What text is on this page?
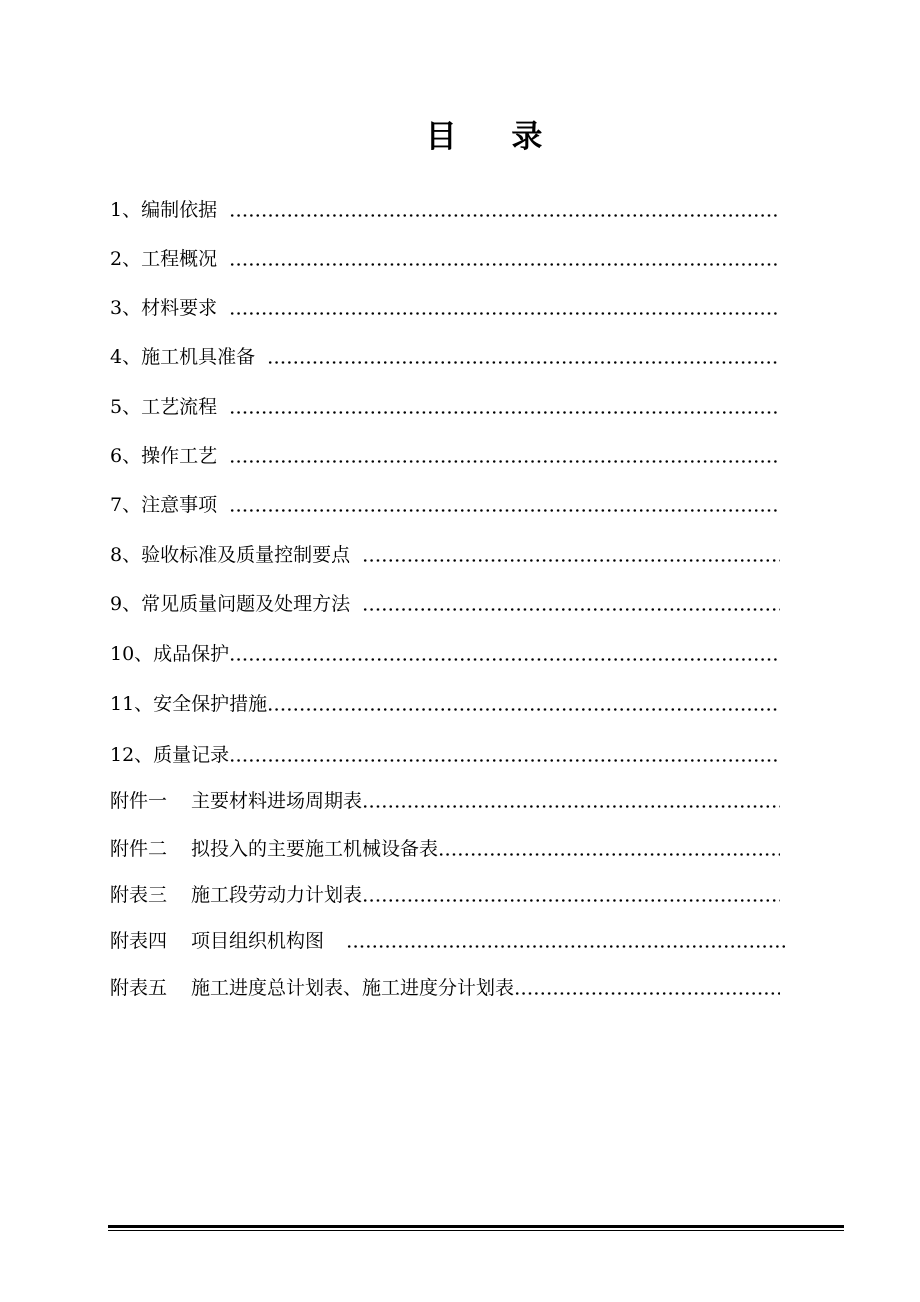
目 录
1、编制依据
2、工程概况
3、材料要求
4、施工机具准备
5、工艺流程
6、操作工艺
7、注意事项
8、验收标准及质量控制要点
9、常见质量问题及处理方法
10、成品保护
11、安全保护措施
12、质量记录
附件一 主要材料进场周期表
附件二 拟投入的主要施工机械设备表
附表三 施工段劳动力计划表
附表四 项目组织机构图
附表五 施工进度总计划表、施工进度分计划表
